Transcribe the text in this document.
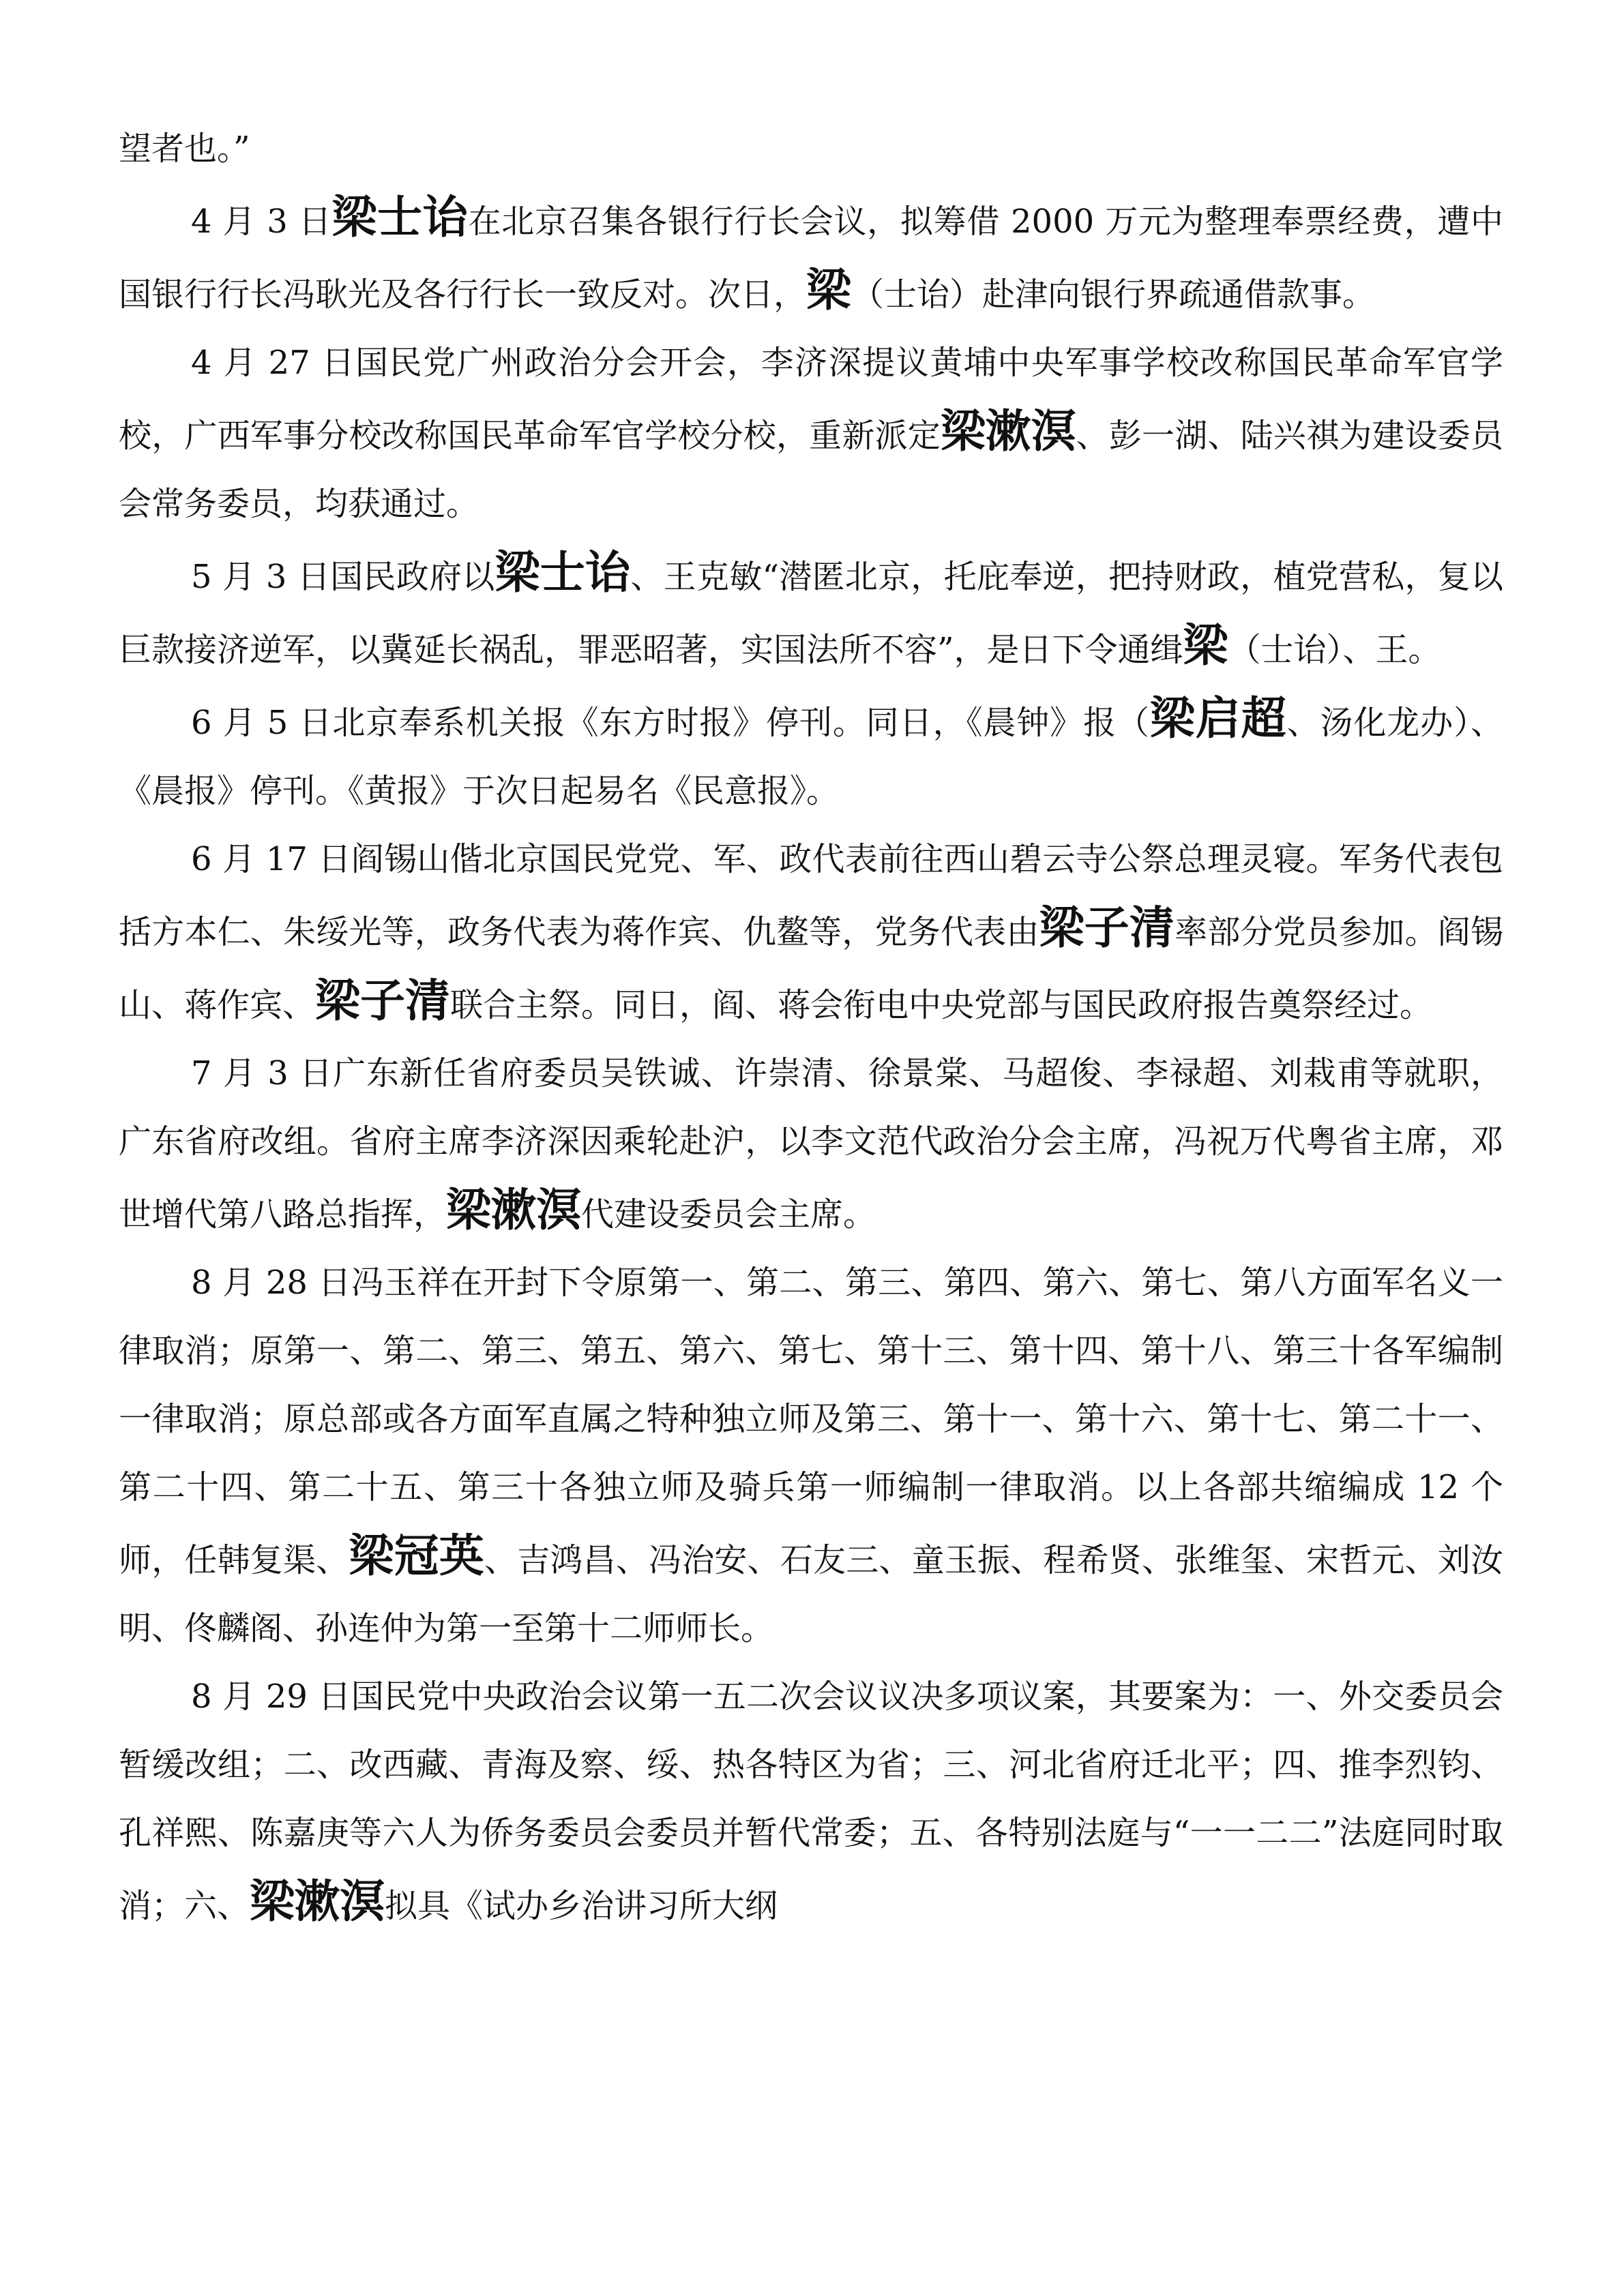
望者也。”

4 月 3 日梁士诒在北京召集各银行行长会议，拟筹借 2000 万元为整理奉票经费，遭中国银行行长冯耿光及各行行长一致反对。次日，梁（士诒）赴津向银行界疏通借款事。

4 月 27 日国民党广州政治分会开会，李济深提议黄埔中央军事学校改称国民革命军官学校，广西军事分校改称国民革命军官学校分校，重新派定梁漱溟、彭一湖、陆兴祺为建设委员会常务委员，均获通过。

5 月 3 日国民政府以梁士诒、王克敏“潜匿北京，托庇奉逆，把持财政，植党营私，复以巨款接济逆军，以冀延长祸乱，罪恶昭著，实国法所不容”，是日下令通缉梁（士诒）、王。

6 月 5 日北京奉系机关报《东方时报》停刊。同日，《晨钟》报（梁启超、汤化龙办）、《晨报》停刊。《黄报》于次日起易名《民意报》。

6 月 17 日阎锡山偕北京国民党党、军、政代表前往西山碧云寺公祭总理灵寝。军务代表包括方本仁、朱绥光等，政务代表为蒋作宾、仇鳌等，党务代表由梁子清率部分党员参加。阎锡山、蒋作宾、梁子清联合主祭。同日，阎、蒋会衔电中央党部与国民政府报告奠祭经过。

7 月 3 日广东新任省府委员吴铁诚、许崇清、徐景棠、马超俊、李禄超、刘栽甫等就职，广东省府改组。省府主席李济深因乘轮赴沪，以李文范代政治分会主席，冯祝万代粤省主席，邓世增代第八路总指挥，梁漱溟代建设委员会主席。

8 月 28 日冯玉祥在开封下令原第一、第二、第三、第四、第六、第七、第八方面军名义一律取消；原第一、第二、第三、第五、第六、第七、第十三、第十四、第十八、第三十各军编制一律取消；原总部或各方面军直属之特种独立师及第三、第十一、第十六、第十七、第二十一、第二十四、第二十五、第三十各独立师及骑兵第一师编制一律取消。以上各部共缩编成 12 个师，任韩复渠、梁冠英、吉鸿昌、冯治安、石友三、童玉振、程希贤、张维玺、宋哲元、刘汝明、佟麟阁、孙连仲为第一至第十二师师长。

8 月 29 日国民党中央政治会议第一五二次会议议决多项议案，其要案为：一、外交委员会暂缓改组；二、改西藏、青海及察、绥、热各特区为省；三、河北省府迁北平；四、推李烈钧、孔祥熙、陈嘉庚等六人为侨务委员会委员并暂代常委；五、各特别法庭与“一一二二”法庭同时取消；六、梁漱溟拟具《试办乡治讲习所大纲
